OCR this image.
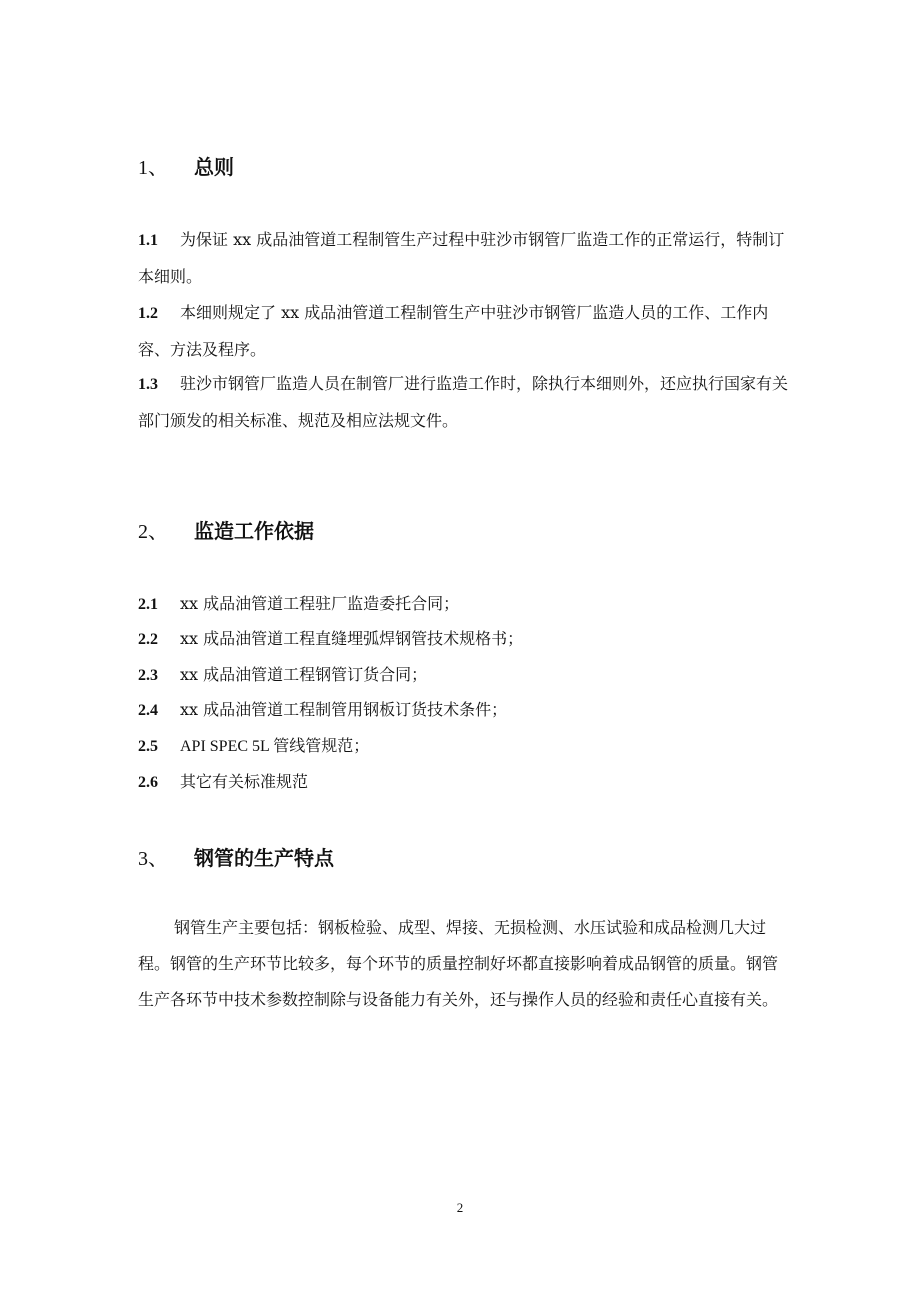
1、 总则
1.1 为保证 xx 成品油管道工程制管生产过程中驻沙市钢管厂监造工作的正常运行，特制订本细则。
1.2 本细则规定了 xx 成品油管道工程制管生产中驻沙市钢管厂监造人员的工作、工作内容、方法及程序。
1.3 驻沙市钢管厂监造人员在制管厂进行监造工作时，除执行本细则外，还应执行国家有关部门颁发的相关标准、规范及相应法规文件。
2、 监造工作依据
2.1 xx 成品油管道工程驻厂监造委托合同；
2.2 xx 成品油管道工程直缝埋弧焊钢管技术规格书；
2.3 xx 成品油管道工程钢管订货合同；
2.4 xx 成品油管道工程制管用钢板订货技术条件；
2.5 API SPEC 5L 管线管规范；
2.6 其它有关标准规范
3、 钢管的生产特点
钢管生产主要包括：钢板检验、成型、焊接、无损检测、水压试验和成品检测几大过程。钢管的生产环节比较多，每个环节的质量控制好坏都直接影响着成品钢管的质量。钢管生产各环节中技术参数控制除与设备能力有关外，还与操作人员的经验和责任心直接有关。
2
